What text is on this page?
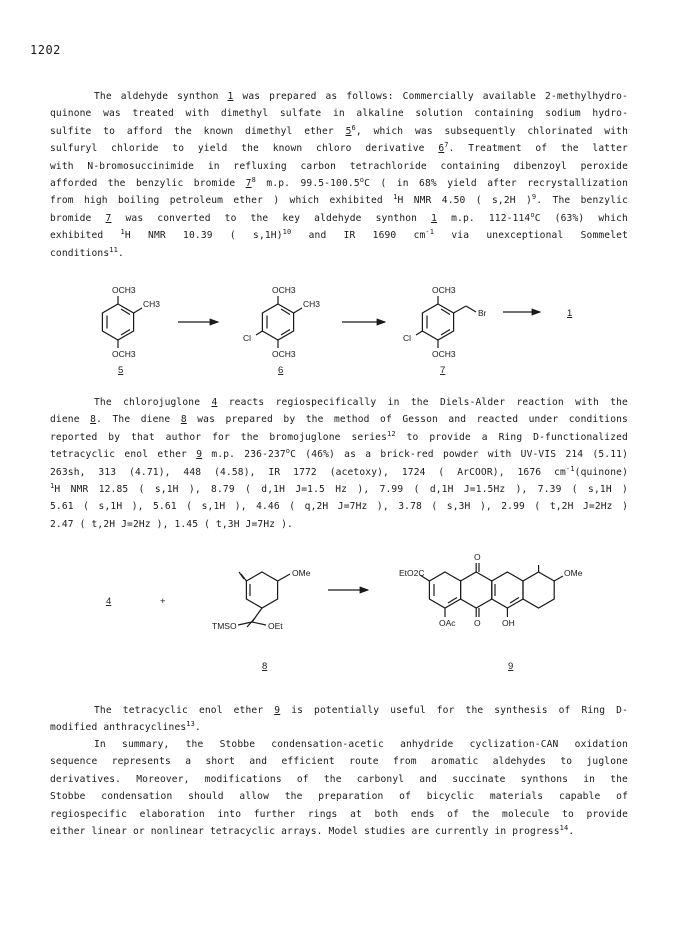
1202
The aldehyde synthon 1 was prepared as follows: Commercially available 2-methylhydro-
quinone was treated with dimethyl sulfate in alkaline solution containing sodium hydro-
sulfite to afford the known dimethyl ether $5^6$, which was subsequently chlorinated with
sulfuryl chloride to yield the known chloro derivative $6^7$. Treatment of the latter
with N-bromosuccinimide in refluxing carbon tetrachloride containing dibenzoyl peroxide
afforded the benzylic bromide $7^8$ m.p. 99.5-100.5$^o$C ( in 68% yield after recrystallization
from high boiling petroleum ether ) which exhibited $^1$H NMR 4.50 ( s,2H )$^9$. The benzylic
bromide 7 was converted to the key aldehyde synthon 1 m.p. 112-114$^o$C (63%) which
exhibited $^1$H NMR 10.39 ( s,1H)$^{10}$ and IR 1690 $cm^{-1}$ via unexceptional Sommelet
conditions$^{11}$.
OCH3
CH3
OCH3
OCH3
CH3
Cl
OCH3
OCH3
Br
Cl
OCH3
1
5	6	7
The chlorojuglone 4 reacts regiospecifically in the Diels-Alder reaction with the
diene 8. The diene 8 was prepared by the method of Gesson and reacted under conditions
reported by that author for the bromojuglone series$^{12}$ to provide a Ring D-functionalized
tetracyclic enol ether 9 m.p. 236-237$^o$C (46%) as a brick-red powder with UV-VIS 214 (5.11)
263sh, 313 (4.71), 448 (4.58), IR 1772 (acetoxy), 1724 ( ArCOOR), 1676 $cm^{-1}(quinone)$
$^1$H NMR 12.85 ( s,1H ), 8.79 ( d,1H J=1.5 Hz ), 7.99 ( d,1H J=1.5Hz ), 7.39 ( s,1H )
5.61 ( s,1H ), 5.61 ( s,1H ), 4.46 ( q,2H J=7Hz ), 3.78 ( s,3H ), 2.99 ( t,2H J=2Hz )
2.47 ( t,2H J=2Hz ), 1.45 ( t,3H J=7Hz ).
4	+
OMe
TMSO	OEt
8
O
O
EtO2C
OAc	OH
OMe
9
The tetracyclic enol ether 9 is potentially useful for the synthesis of Ring D-
modified anthracyclines$^{13}$.
In summary, the Stobbe condensation-acetic anhydride cyclization-CAN oxidation
sequence represents a short and efficient route from aromatic aldehydes to juglone
derivatives. Moreover, modifications of the carbonyl and succinate synthons in the
Stobbe condensation should allow the preparation of bicyclic materials capable of
regiospecific elaboration into further rings at both ends of the molecule to provide
either linear or nonlinear tetracyclic arrays. Model studies are currently in progress$^{14}$.
